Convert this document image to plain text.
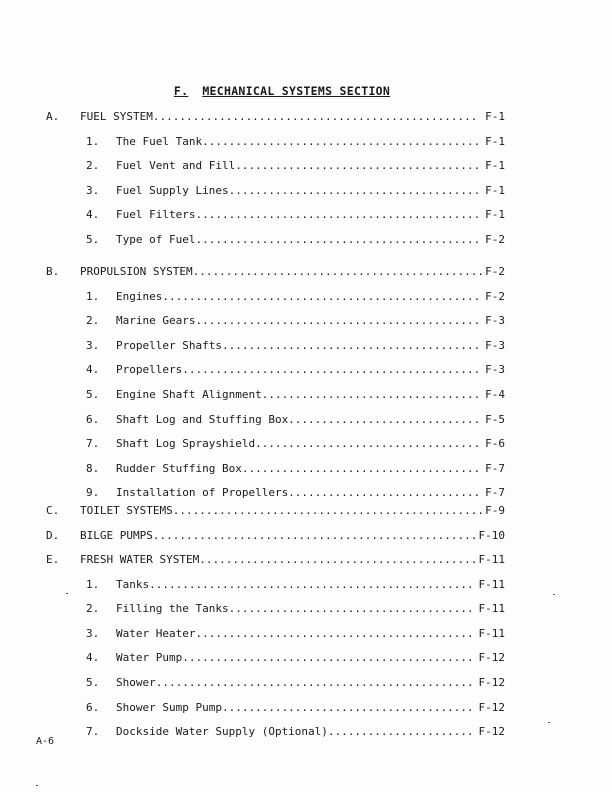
F. MECHANICAL SYSTEMS SECTION
A. FUEL SYSTEM................................................. F-1
1. The Fuel Tank.......................................... F-1
2. Fuel Vent and Fill..................................... F-1
3. Fuel Supply Lines...................................... F-1
4. Fuel Filters........................................... F-1
5. Type of Fuel........................................... F-2
B. PROPULSION SYSTEM............................................ F-2
1. Engines................................................ F-2
2. Marine Gears........................................... F-3
3. Propeller Shafts....................................... F-3
4. Propellers............................................. F-3
5. Engine Shaft Alignment................................. F-4
6. Shaft Log and Stuffing Box............................. F-5
7. Shaft Log Sprayshield.................................. F-6
8. Rudder Stuffing Box.................................... F-7
9. Installation of Propellers............................. F-7
C. TOILET SYSTEMS............................................... F-9
D. BILGE PUMPS................................................. F-10
E. FRESH WATER SYSTEM.......................................... F-11
1. Tanks................................................. F-11
2. Filling the Tanks..................................... F-11
3. Water Heater.......................................... F-11
4. Water Pump............................................ F-12
5. Shower................................................ F-12
6. Shower Sump Pump...................................... F-12
7. Dockside Water Supply (Optional)...................... F-12
A-6
